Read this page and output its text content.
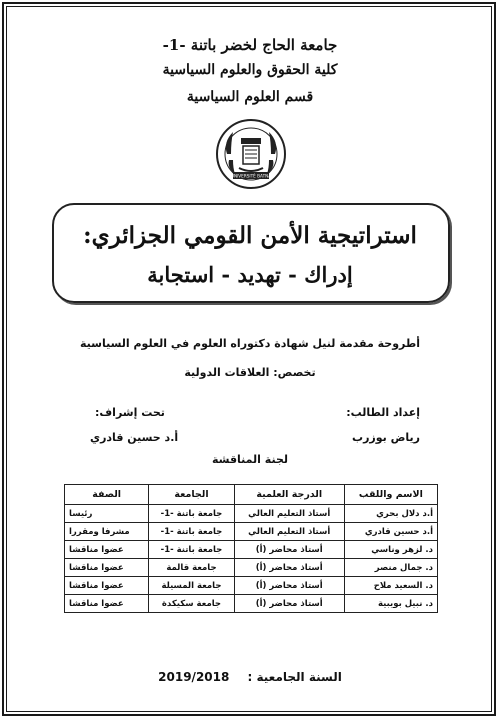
جامعة الحاج لخضر باتنة -1-
كلية الحقوق والعلوم السياسية
قسم العلوم السياسية
UNIVERSITÉ BATNA
استراتيجية الأمن القومي الجزائري:
إدراك - تهديد - استجابة
أطروحة مقدمة لنيل شهادة دكتوراه العلوم في العلوم السياسية
تخصص: العلاقات الدولية
إعداد الطالب:
رياض بوزرب
تحت إشراف:
أ.د حسين قادري
لجنة المناقشة
الاسم واللقب	الدرجة العلمية	الجامعة	الصفة
أ.د دلال بحري	أستاذ التعليم العالي	جامعة باتنة -1-	رئيسا
أ.د حسين قادري	أستاذ التعليم العالي	جامعة باتنة -1-	مشرفا ومقررا
د. لزهر وناسي	أستاذ محاضر (أ)	جامعة باتنة -1-	عضوا مناقشا
د. جمال منصر	أستاذ محاضر (أ)	جامعة قالمة	عضوا مناقشا
د. السعيد ملاح	أستاذ محاضر (أ)	جامعة المسيلة	عضوا مناقشا
د. نبيل بويبية	أستاذ محاضر (أ)	جامعة سكيكدة	عضوا مناقشا
السنة الجامعية : 2019/2018
